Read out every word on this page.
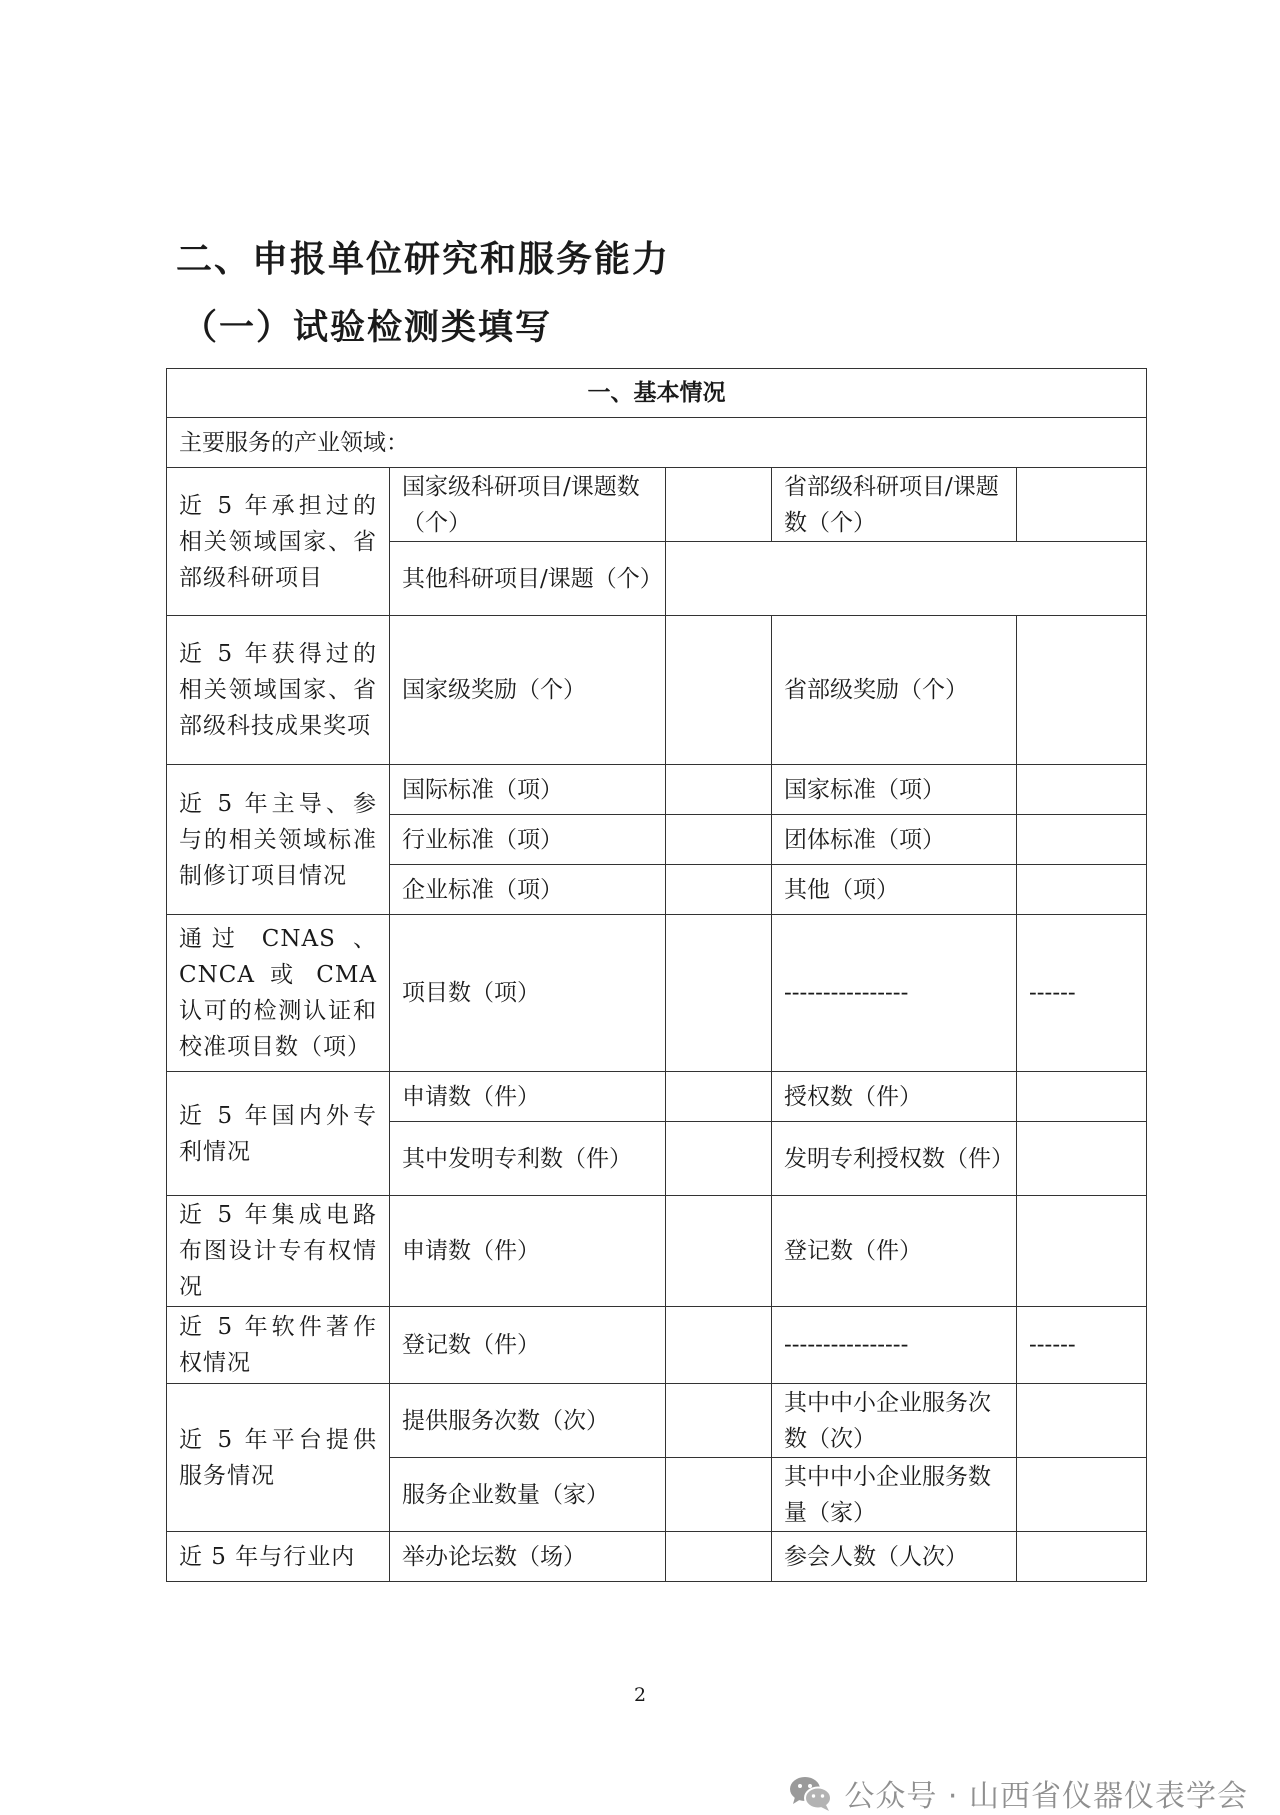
二、申报单位研究和服务能力
（一）试验检测类填写
一、基本情况				
主要服务的产业领域：				
近 5 年承担过的相关领域国家、省部级科研项目	国家级科研项目/课题数（个）		省部级科研项目/课题数（个）	
	其他科研项目/课题（个）			
近 5 年获得过的相关领域国家、省部级科技成果奖项	国家级奖励（个）		省部级奖励（个）	
近 5 年主导、参与的相关领域标准制修订项目情况	国际标准（项）		国家标准（项）	
	行业标准（项）		团体标准（项）	
	企业标准（项）		其他（项）	
通过 CNAS 、CNCA 或 CMA 认可的检测认证和校准项目数（项）	项目数（项）		----------------	------
近 5 年国内外专利情况	申请数（件）		授权数（件）	
	其中发明专利数（件）		发明专利授权数（件）	
近 5 年集成电路布图设计专有权情况	申请数（件）		登记数（件）	
近 5 年软件著作权情况	登记数（件）		----------------	------
近 5 年平台提供服务情况	提供服务次数（次）		其中中小企业服务次数（次）	
	服务企业数量（家）		其中中小企业服务数量（家）	
近 5 年与行业内	举办论坛数（场）		参会人数（人次）	
2
公众号 · 山西省仪器仪表学会
